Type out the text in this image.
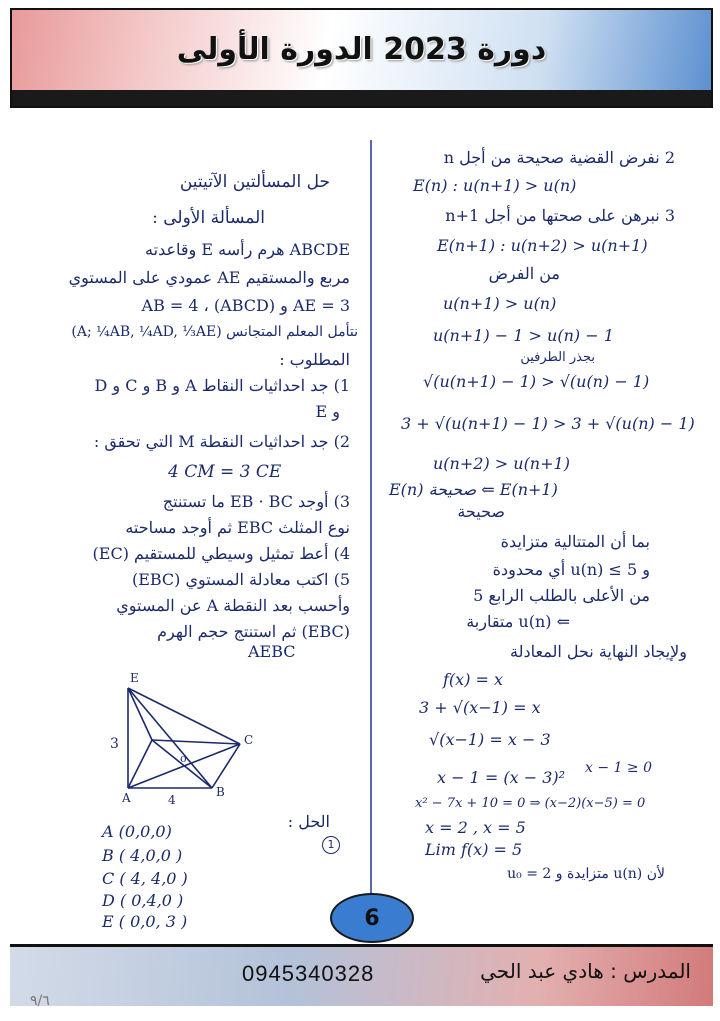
دورة 2023 الدورة الأولى
حل المسألتين الآتيتين
المسألة الأولى :
ABCDE هرم رأسه E وقاعدته
مربع والمستقيم AE عمودي على المستوي
AE = 3 و AB = 4 ، (ABCD)
نتأمل المعلم المتجانس (A; ¼AB, ¼AD, ⅓AE)
المطلوب :
1) جد احداثيات النقاط A و B و C و D
و E
2) جد احداثيات النقطة M التي تحقق :
4 CM = 3 CE
3) أوجد EB · BC ما تستنتج
نوع المثلث EBC ثم أوجد مساحته
4) أعط تمثيل وسيطي للمستقيم (EC)
5) اكتب معادلة المستوي (EBC)
وأحسب بعد النقطة A عن المستوي
(EBC) ثم استنتج حجم الهرم
AEBC
E
C
B
A
o
3
4
الحل :
1
A (0,0,0)
B ( 4,0,0 )
C ( 4, 4,0 )
D ( 0,4,0 )
E ( 0,0, 3 )
2 نفرض القضية صحيحة من أجل n
E(n) : u(n+1) > u(n)
3 نبرهن على صحتها من أجل n+1
E(n+1) : u(n+2) > u(n+1)
من الفرض
u(n+1) > u(n)
u(n+1) − 1 > u(n) − 1
بجذر الطرفين
√(u(n+1) − 1) > √(u(n) − 1)
3 + √(u(n+1) − 1) > 3 + √(u(n) − 1)
u(n+2) > u(n+1)
E(n) صحيحة ⇐ E(n+1)
صحيحة
بما أن المتتالية متزايدة
و u(n) ≤ 5 أي محدودة
من الأعلى بالطلب الرابع 5
⇐ u(n) متقاربة
ولإيجاد النهاية نحل المعادلة
f(x) = x
3 + √(x−1) = x
√(x−1) = x − 3
x − 1 ≥ 0
x − 1 = (x − 3)²
x² − 7x + 10 = 0 ⇒ (x−2)(x−5) = 0
x = 2 , x = 5
Lim f(x) = 5
لأن u(n) متزايدة و u₀ = 2
6
0945340328	المدرس : هادي عبد الحي
٩/٦
